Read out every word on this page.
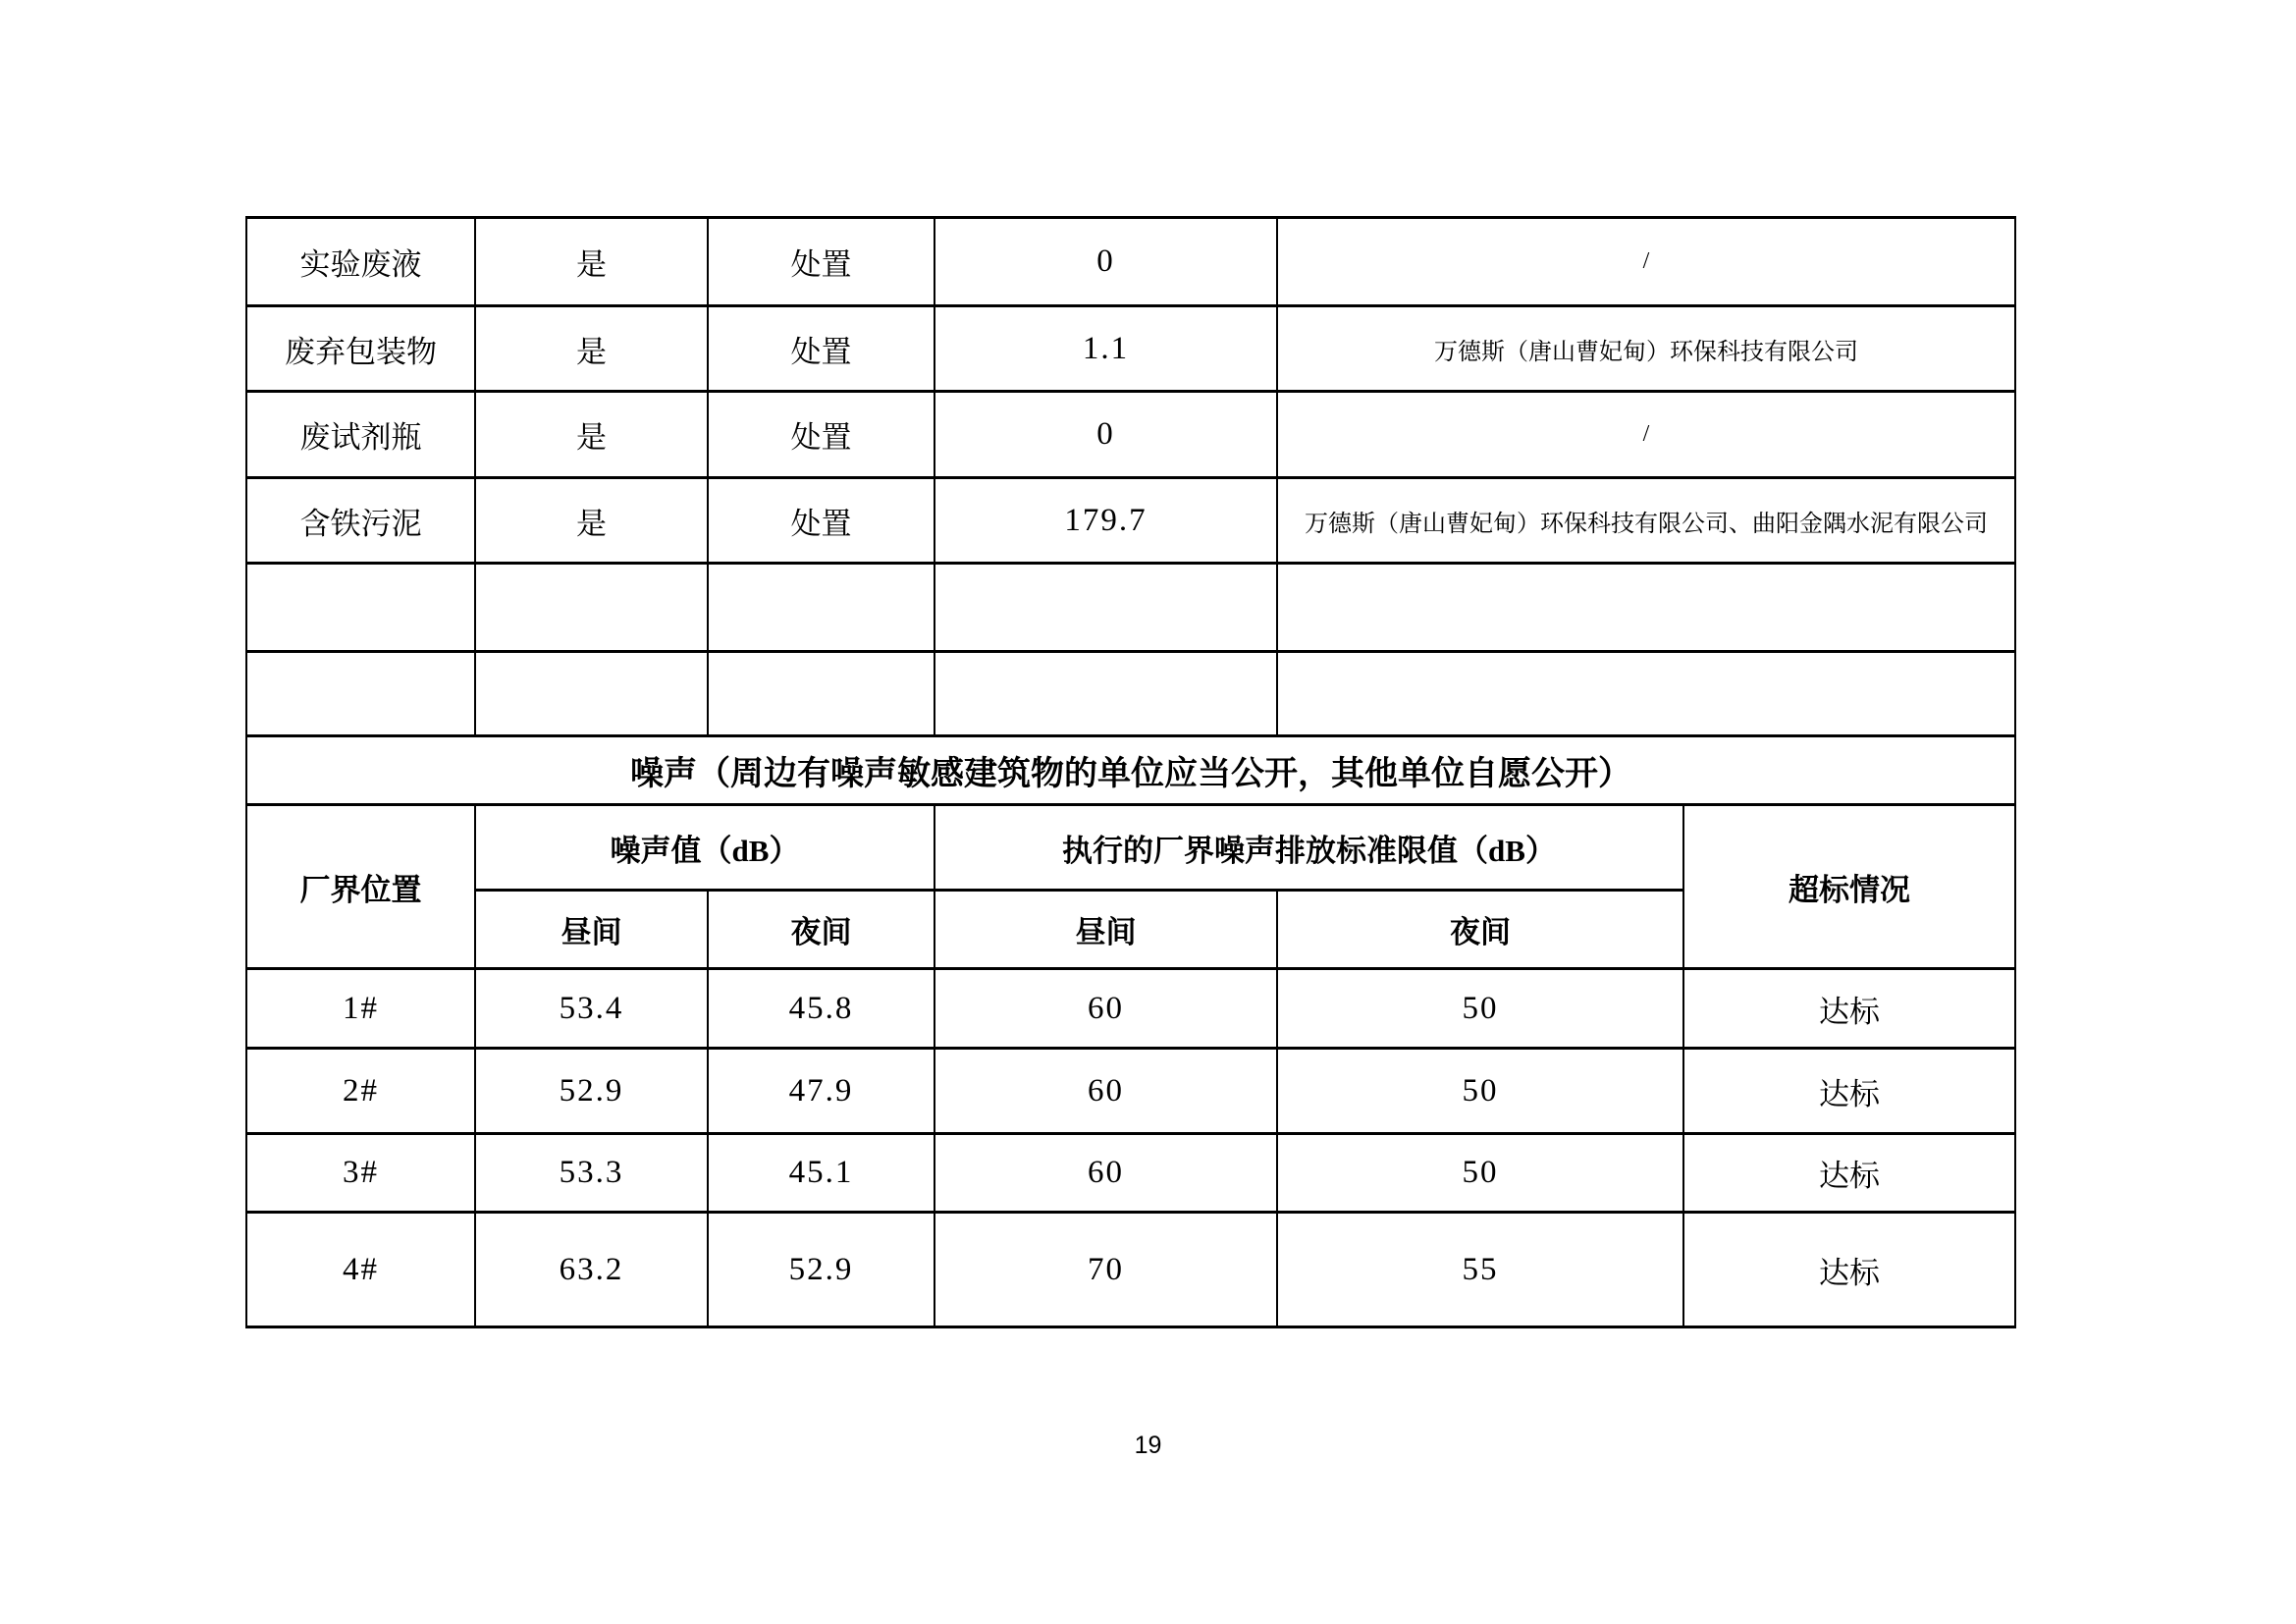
实验废液	是	处置	0	/	
废弃包装物	是	处置	1.1	万德斯（唐山曹妃甸）环保科技有限公司	
废试剂瓶	是	处置	0	/	
含铁污泥	是	处置	179.7	万德斯（唐山曹妃甸）环保科技有限公司、曲阳金隅水泥有限公司	

噪声（周边有噪声敏感建筑物的单位应当公开，其他单位自愿公开）					
厂界位置	噪声值（dB）		执行的厂界噪声排放标准限值（dB）		超标情况
	昼间	夜间	昼间	夜间	
1#	53.4	45.8	60	50	达标
2#	52.9	47.9	60	50	达标
3#	53.3	45.1	60	50	达标
4#	63.2	52.9	70	55	达标
19
